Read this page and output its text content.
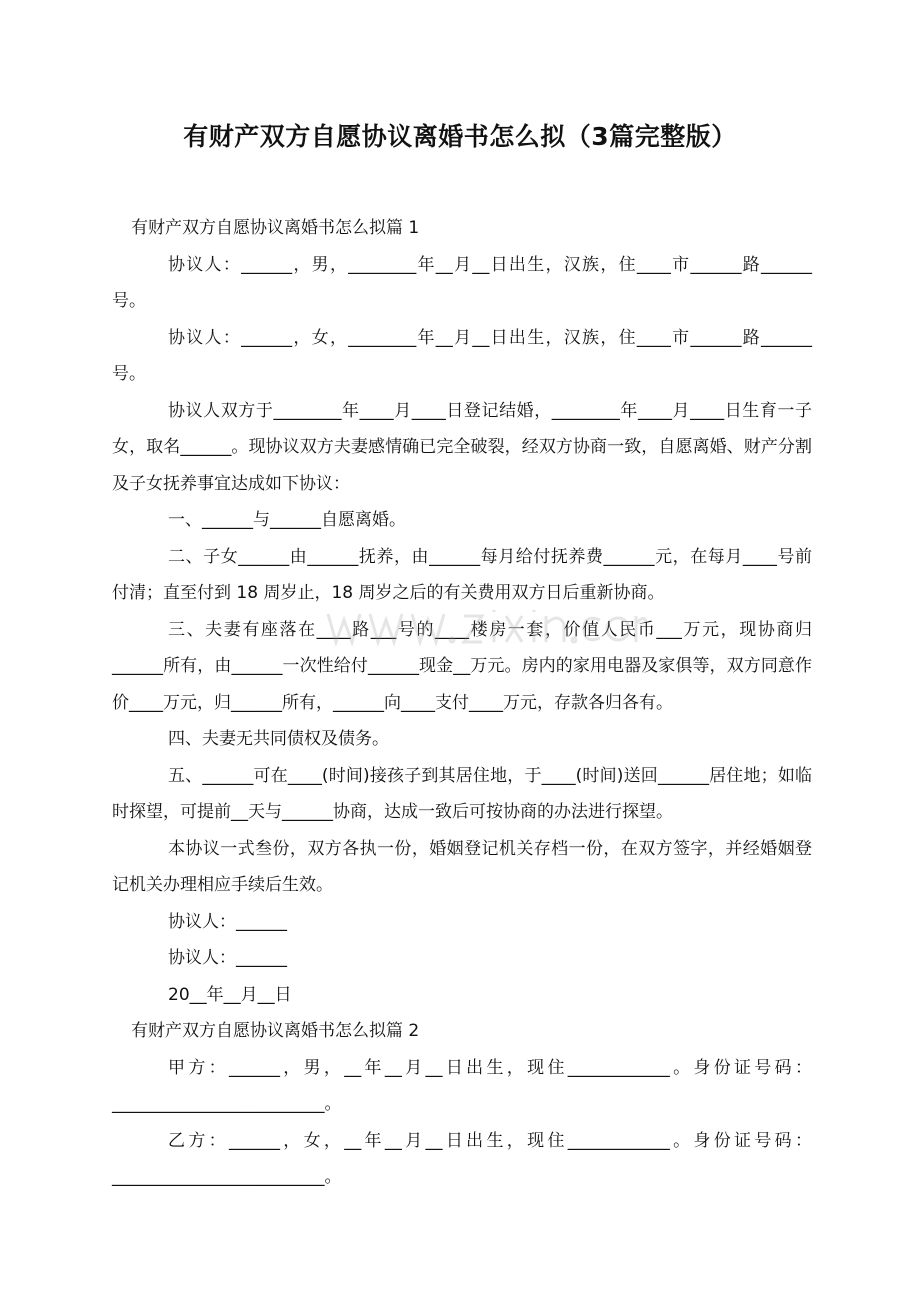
有财产双方自愿协议离婚书怎么拟（3篇完整版）

有财产双方自愿协议离婚书怎么拟篇 1

协议人：______，男，________年__月__日出生，汉族，住____市______路______号。

协议人：______，女，________年__月__日出生，汉族，住____市______路______号。

协议人双方于________年____月____日登记结婚，________年____月____日生育一子女，取名______。现协议双方夫妻感情确已完全破裂，经双方协商一致，自愿离婚、财产分割及子女抚养事宜达成如下协议：

一、______与______自愿离婚。

二、子女______由______抚养，由______每月给付抚养费______元，在每月____号前付清；直至付到 18 周岁止，18 周岁之后的有关费用双方日后重新协商。

三、夫妻有座落在____路___号的____楼房一套，价值人民币___万元，现协商归______所有，由______一次性给付______现金__万元。房内的家用电器及家俱等，双方同意作价____万元，归______所有，______向____支付____万元，存款各归各有。

四、夫妻无共同债权及债务。

五、______可在____(时间)接孩子到其居住地，于____(时间)送回______居住地；如临时探望，可提前__天与______协商，达成一致后可按协商的办法进行探望。

本协议一式叁份，双方各执一份，婚姻登记机关存档一份，在双方签字，并经婚姻登记机关办理相应手续后生效。

协议人：______

协议人：______

20__年__月__日

有财产双方自愿协议离婚书怎么拟篇 2

甲方：______，男，__年__月__日出生，现住____________。身份证号码：_________________________。

乙方：______，女，__年__月__日出生，现住____________。身份证号码：_________________________。
